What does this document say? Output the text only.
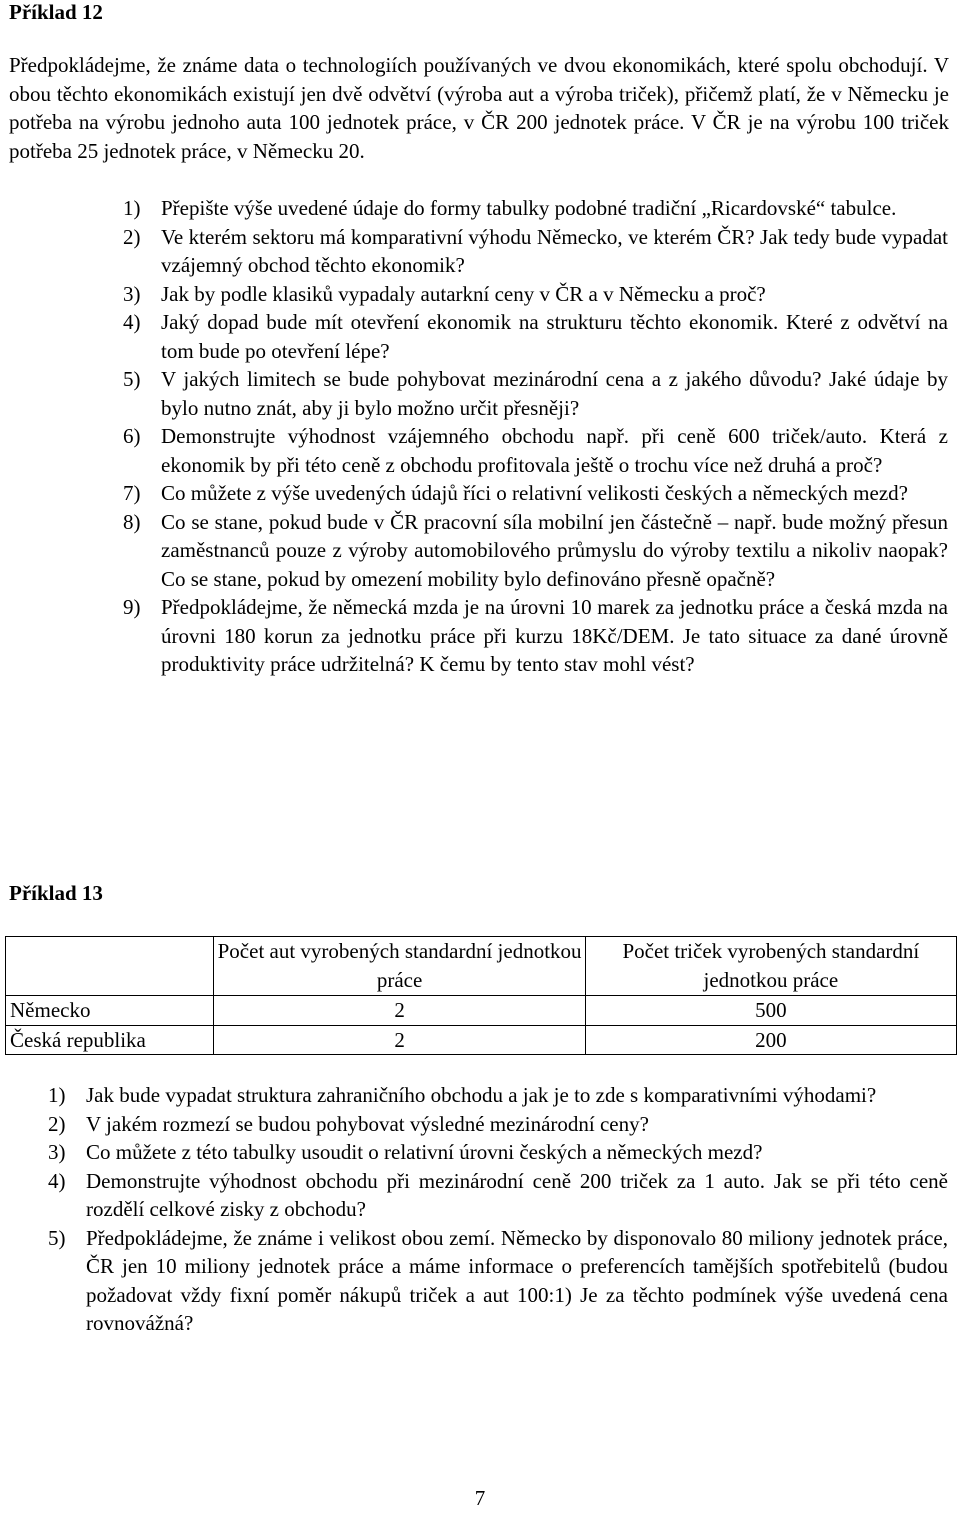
Příklad 12

Předpokládejme, že známe data o technologiích používaných ve dvou ekonomikách, které spolu obchodují. V obou těchto ekonomikách existují jen dvě odvětví (výroba aut a výroba triček), přičemž platí, že v Německu je potřeba na výrobu jednoho auta 100 jednotek práce, v ČR 200 jednotek práce. V ČR je na výrobu 100 triček potřeba 25 jednotek práce, v Německu 20.

1) Přepište výše uvedené údaje do formy tabulky podobné tradiční „Ricardovské“ tabulce.
2) Ve kterém sektoru má komparativní výhodu Německo, ve kterém ČR? Jak tedy bude vypadat vzájemný obchod těchto ekonomik?
3) Jak by podle klasiků vypadaly autarkní ceny v ČR a v Německu a proč?
4) Jaký dopad bude mít otevření ekonomik na strukturu těchto ekonomik. Které z odvětví na tom bude po otevření lépe?
5) V jakých limitech se bude pohybovat mezinárodní cena a z jakého důvodu? Jaké údaje by bylo nutno znát, aby ji bylo možno určit přesněji?
6) Demonstrujte výhodnost vzájemného obchodu např. při ceně 600 triček/auto. Která z ekonomik by při této ceně z obchodu profitovala ještě o trochu více než druhá a proč?
7) Co můžete z výše uvedených údajů říci o relativní velikosti českých a německých mezd?
8) Co se stane, pokud bude v ČR pracovní síla mobilní jen částečně – např. bude možný přesun zaměstnanců pouze z výroby automobilového průmyslu do výroby textilu a nikoliv naopak? Co se stane, pokud by omezení mobility bylo definováno přesně opačně?
9) Předpokládejme, že německá mzda je na úrovni 10 marek za jednotku práce a česká mzda na úrovni 180 korun za jednotku práce při kurzu 18Kč/DEM. Je tato situace za dané úrovně produktivity práce udržitelná? K čemu by tento stav mohl vést?
Příklad 13
	Počet aut vyrobených standardní jednotkou práce	Počet triček vyrobených standardní jednotkou práce
Německo	2	500
Česká republika	2	200
1) Jak bude vypadat struktura zahraničního obchodu a jak je to zde s komparativními výhodami?
2) V jakém rozmezí se budou pohybovat výsledné mezinárodní ceny?
3) Co můžete z této tabulky usoudit o relativní úrovni českých a německých mezd?
4) Demonstrujte výhodnost obchodu při mezinárodní ceně 200 triček za 1 auto. Jak se při této ceně rozdělí celkové zisky z obchodu?
5) Předpokládejme, že známe i velikost obou zemí. Německo by disponovalo 80 miliony jednotek práce, ČR jen 10 miliony jednotek práce a máme informace o preferencích tamějších spotřebitelů (budou požadovat vždy fixní poměr nákupů triček a aut 100:1) Je za těchto podmínek výše uvedená cena rovnovážná?
7
